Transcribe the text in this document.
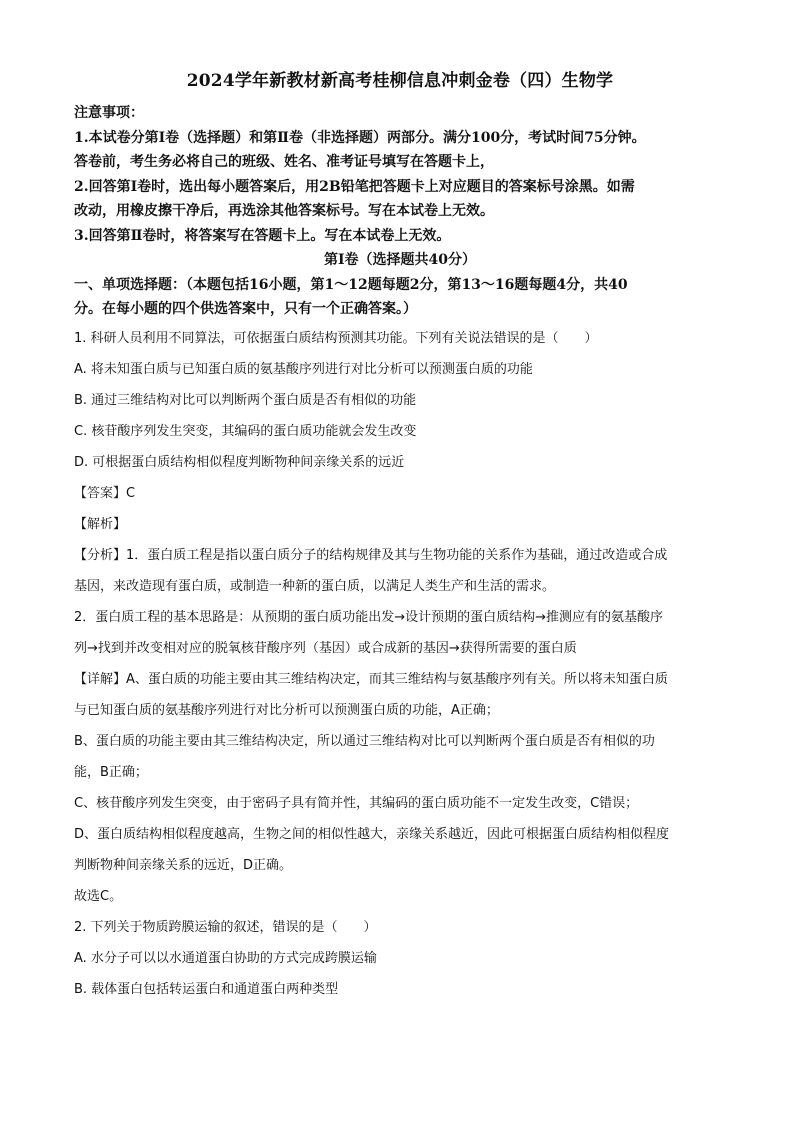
2024学年新教材新高考桂柳信息冲刺金卷（四）生物学
注意事项：
1.本试卷分第Ⅰ卷（选择题）和第Ⅱ卷（非选择题）两部分。满分100分，考试时间75分钟。
答卷前，考生务必将自己的班级、姓名、准考证号填写在答题卡上，
2.回答第Ⅰ卷时，选出每小题答案后，用2B铅笔把答题卡上对应题目的答案标号涂黑。如需
改动，用橡皮擦干净后，再选涂其他答案标号。写在本试卷上无效。
3.回答第Ⅱ卷时，将答案写在答题卡上。写在本试卷上无效。
第Ⅰ卷（选择题共40分）
一、单项选择题：（本题包括16小题，第1～12题每题2分，第13～16题每题4分，共40
分。在每小题的四个供选答案中，只有一个正确答案。）
1. 科研人员利用不同算法，可依据蛋白质结构预测其功能。下列有关说法错误的是（　　）
A. 将未知蛋白质与已知蛋白质的氨基酸序列进行对比分析可以预测蛋白质的功能
B. 通过三维结构对比可以判断两个蛋白质是否有相似的功能
C. 核苷酸序列发生突变，其编码的蛋白质功能就会发生改变
D. 可根据蛋白质结构相似程度判断物种间亲缘关系的远近
【答案】C
【解析】
【分析】1．蛋白质工程是指以蛋白质分子的结构规律及其与生物功能的关系作为基础，通过改造或合成
基因，来改造现有蛋白质，或制造一种新的蛋白质，以满足人类生产和生活的需求。
2．蛋白质工程的基本思路是：从预期的蛋白质功能出发→设计预期的蛋白质结构→推测应有的氨基酸序
列→找到并改变相对应的脱氧核苷酸序列（基因）或合成新的基因→获得所需要的蛋白质
【详解】A、蛋白质的功能主要由其三维结构决定，而其三维结构与氨基酸序列有关。所以将未知蛋白质
与已知蛋白质的氨基酸序列进行对比分析可以预测蛋白质的功能，A正确；
B、蛋白质的功能主要由其三维结构决定，所以通过三维结构对比可以判断两个蛋白质是否有相似的功
能，B正确；
C、核苷酸序列发生突变，由于密码子具有简并性，其编码的蛋白质功能不一定发生改变，C错误；
D、蛋白质结构相似程度越高，生物之间的相似性越大，亲缘关系越近，因此可根据蛋白质结构相似程度
判断物种间亲缘关系的远近，D正确。
故选C。
2. 下列关于物质跨膜运输的叙述，错误的是（　　）
A. 水分子可以以水通道蛋白协助的方式完成跨膜运输
B. 载体蛋白包括转运蛋白和通道蛋白两种类型
